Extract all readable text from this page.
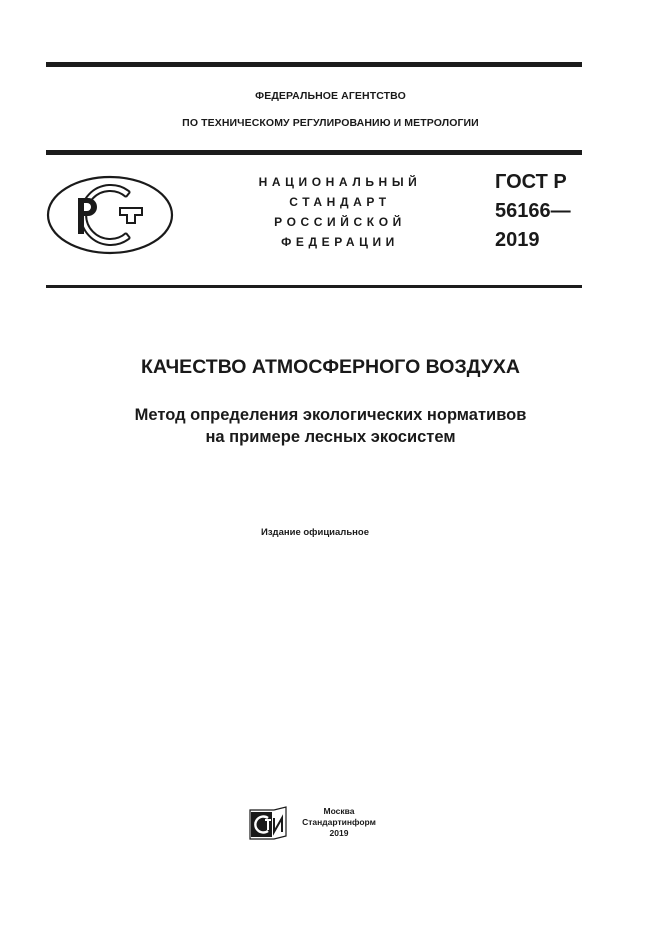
ФЕДЕРАЛЬНОЕ АГЕНТСТВО
ПО ТЕХНИЧЕСКОМУ РЕГУЛИРОВАНИЮ И МЕТРОЛОГИИ
НАЦИОНАЛЬНЫЙ
СТАНДАРТ
РОССИЙСКОЙ
ФЕДЕРАЦИИ
ГОСТ Р
56166—
2019
КАЧЕСТВО АТМОСФЕРНОГО ВОЗДУХА
Метод определения экологических нормативов
на примере лесных экосистем
Издание официальное
Москва
Стандартинформ
2019
